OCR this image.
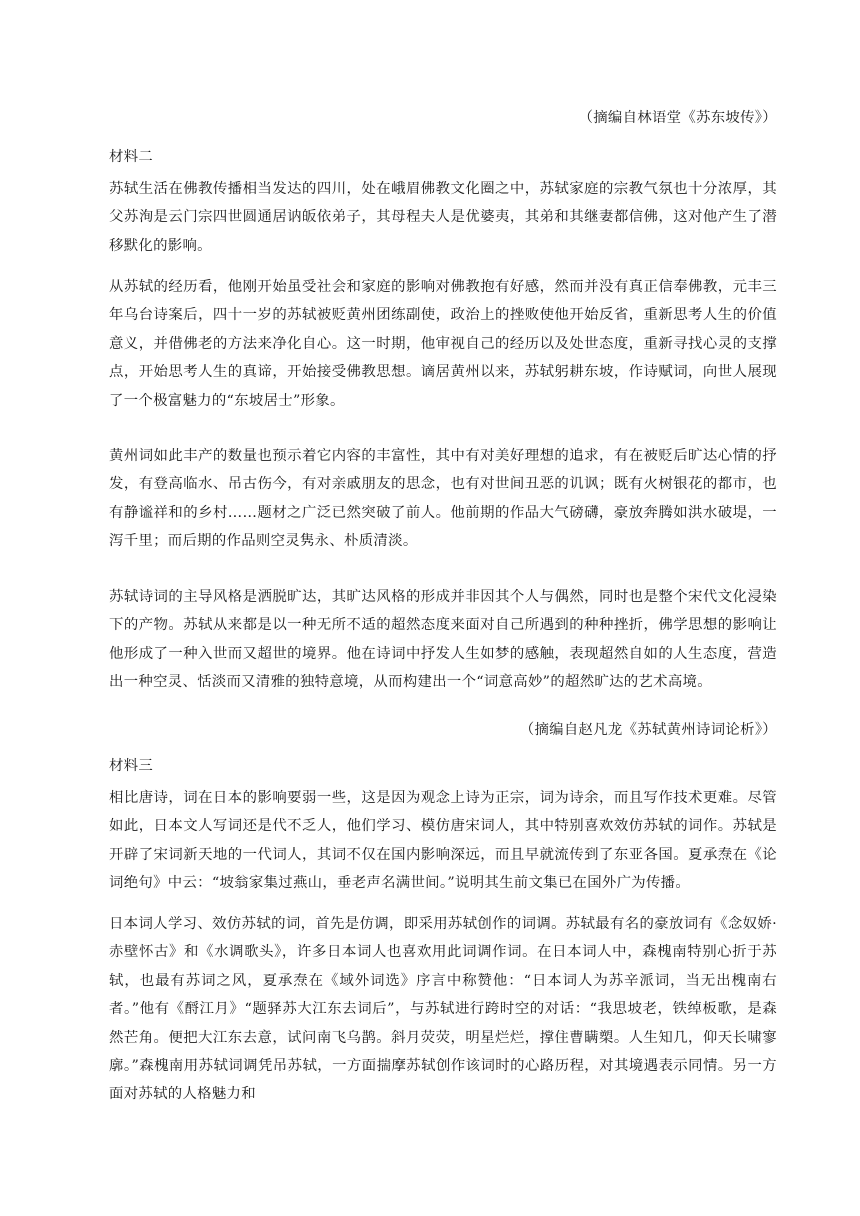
（摘编自林语堂《苏东坡传》）

材料二

苏轼生活在佛教传播相当发达的四川，处在峨眉佛教文化圈之中，苏轼家庭的宗教气氛也十分浓厚，其父苏洵是云门宗四世圆通居讷皈依弟子，其母程夫人是优婆夷，其弟和其继妻都信佛，这对他产生了潜移默化的影响。

从苏轼的经历看，他刚开始虽受社会和家庭的影响对佛教抱有好感，然而并没有真正信奉佛教，元丰三年乌台诗案后，四十一岁的苏轼被贬黄州团练副使，政治上的挫败使他开始反省，重新思考人生的价值意义，并借佛老的方法来净化自心。这一时期，他审视自己的经历以及处世态度，重新寻找心灵的支撑点，开始思考人生的真谛，开始接受佛教思想。谪居黄州以来，苏轼躬耕东坡，作诗赋词，向世人展现了一个极富魅力的“东坡居士”形象。

黄州词如此丰产的数量也预示着它内容的丰富性，其中有对美好理想的追求，有在被贬后旷达心情的抒发，有登高临水、吊古伤今，有对亲戚朋友的思念，也有对世间丑恶的讥讽；既有火树银花的都市，也有静谧祥和的乡村……题材之广泛已然突破了前人。他前期的作品大气磅礴，豪放奔腾如洪水破堤，一泻千里；而后期的作品则空灵隽永、朴质清淡。

苏轼诗词的主导风格是洒脱旷达，其旷达风格的形成并非因其个人与偶然，同时也是整个宋代文化浸染下的产物。苏轼从来都是以一种无所不适的超然态度来面对自己所遇到的种种挫折，佛学思想的影响让他形成了一种入世而又超世的境界。他在诗词中抒发人生如梦的感触，表现超然自如的人生态度，营造出一种空灵、恬淡而又清雅的独特意境，从而构建出一个“词意高妙”的超然旷达的艺术高境。

（摘编自赵凡龙《苏轼黄州诗词论析》）

材料三

相比唐诗，词在日本的影响要弱一些，这是因为观念上诗为正宗，词为诗余，而且写作技术更难。尽管如此，日本文人写词还是代不乏人，他们学习、模仿唐宋词人，其中特别喜欢效仿苏轼的词作。苏轼是开辟了宋词新天地的一代词人，其词不仅在国内影响深远，而且早就流传到了东亚各国。夏承焘在《论词绝句》中云：“坡翁家集过燕山，垂老声名满世间。”说明其生前文集已在国外广为传播。

日本词人学习、效仿苏轼的词，首先是仿调，即采用苏轼创作的词调。苏轼最有名的豪放词有《念奴娇·赤壁怀古》和《水调歌头》，许多日本词人也喜欢用此词调作词。在日本词人中，森槐南特别心折于苏轼，也最有苏词之风，夏承焘在《域外词选》序言中称赞他：“日本词人为苏辛派词，当无出槐南右者。”他有《酹江月》“题驿苏大江东去词后”，与苏轼进行跨时空的对话：“我思坡老，铁绰板歌，是森然芒角。便把大江东去意，试问南飞乌鹊。斜月荧荧，明星烂烂，撑住曹瞒槊。人生知几，仰天长啸寥廓。”森槐南用苏轼词调凭吊苏轼，一方面揣摩苏轼创作该词时的心路历程，对其境遇表示同情。另一方面对苏轼的人格魅力和
